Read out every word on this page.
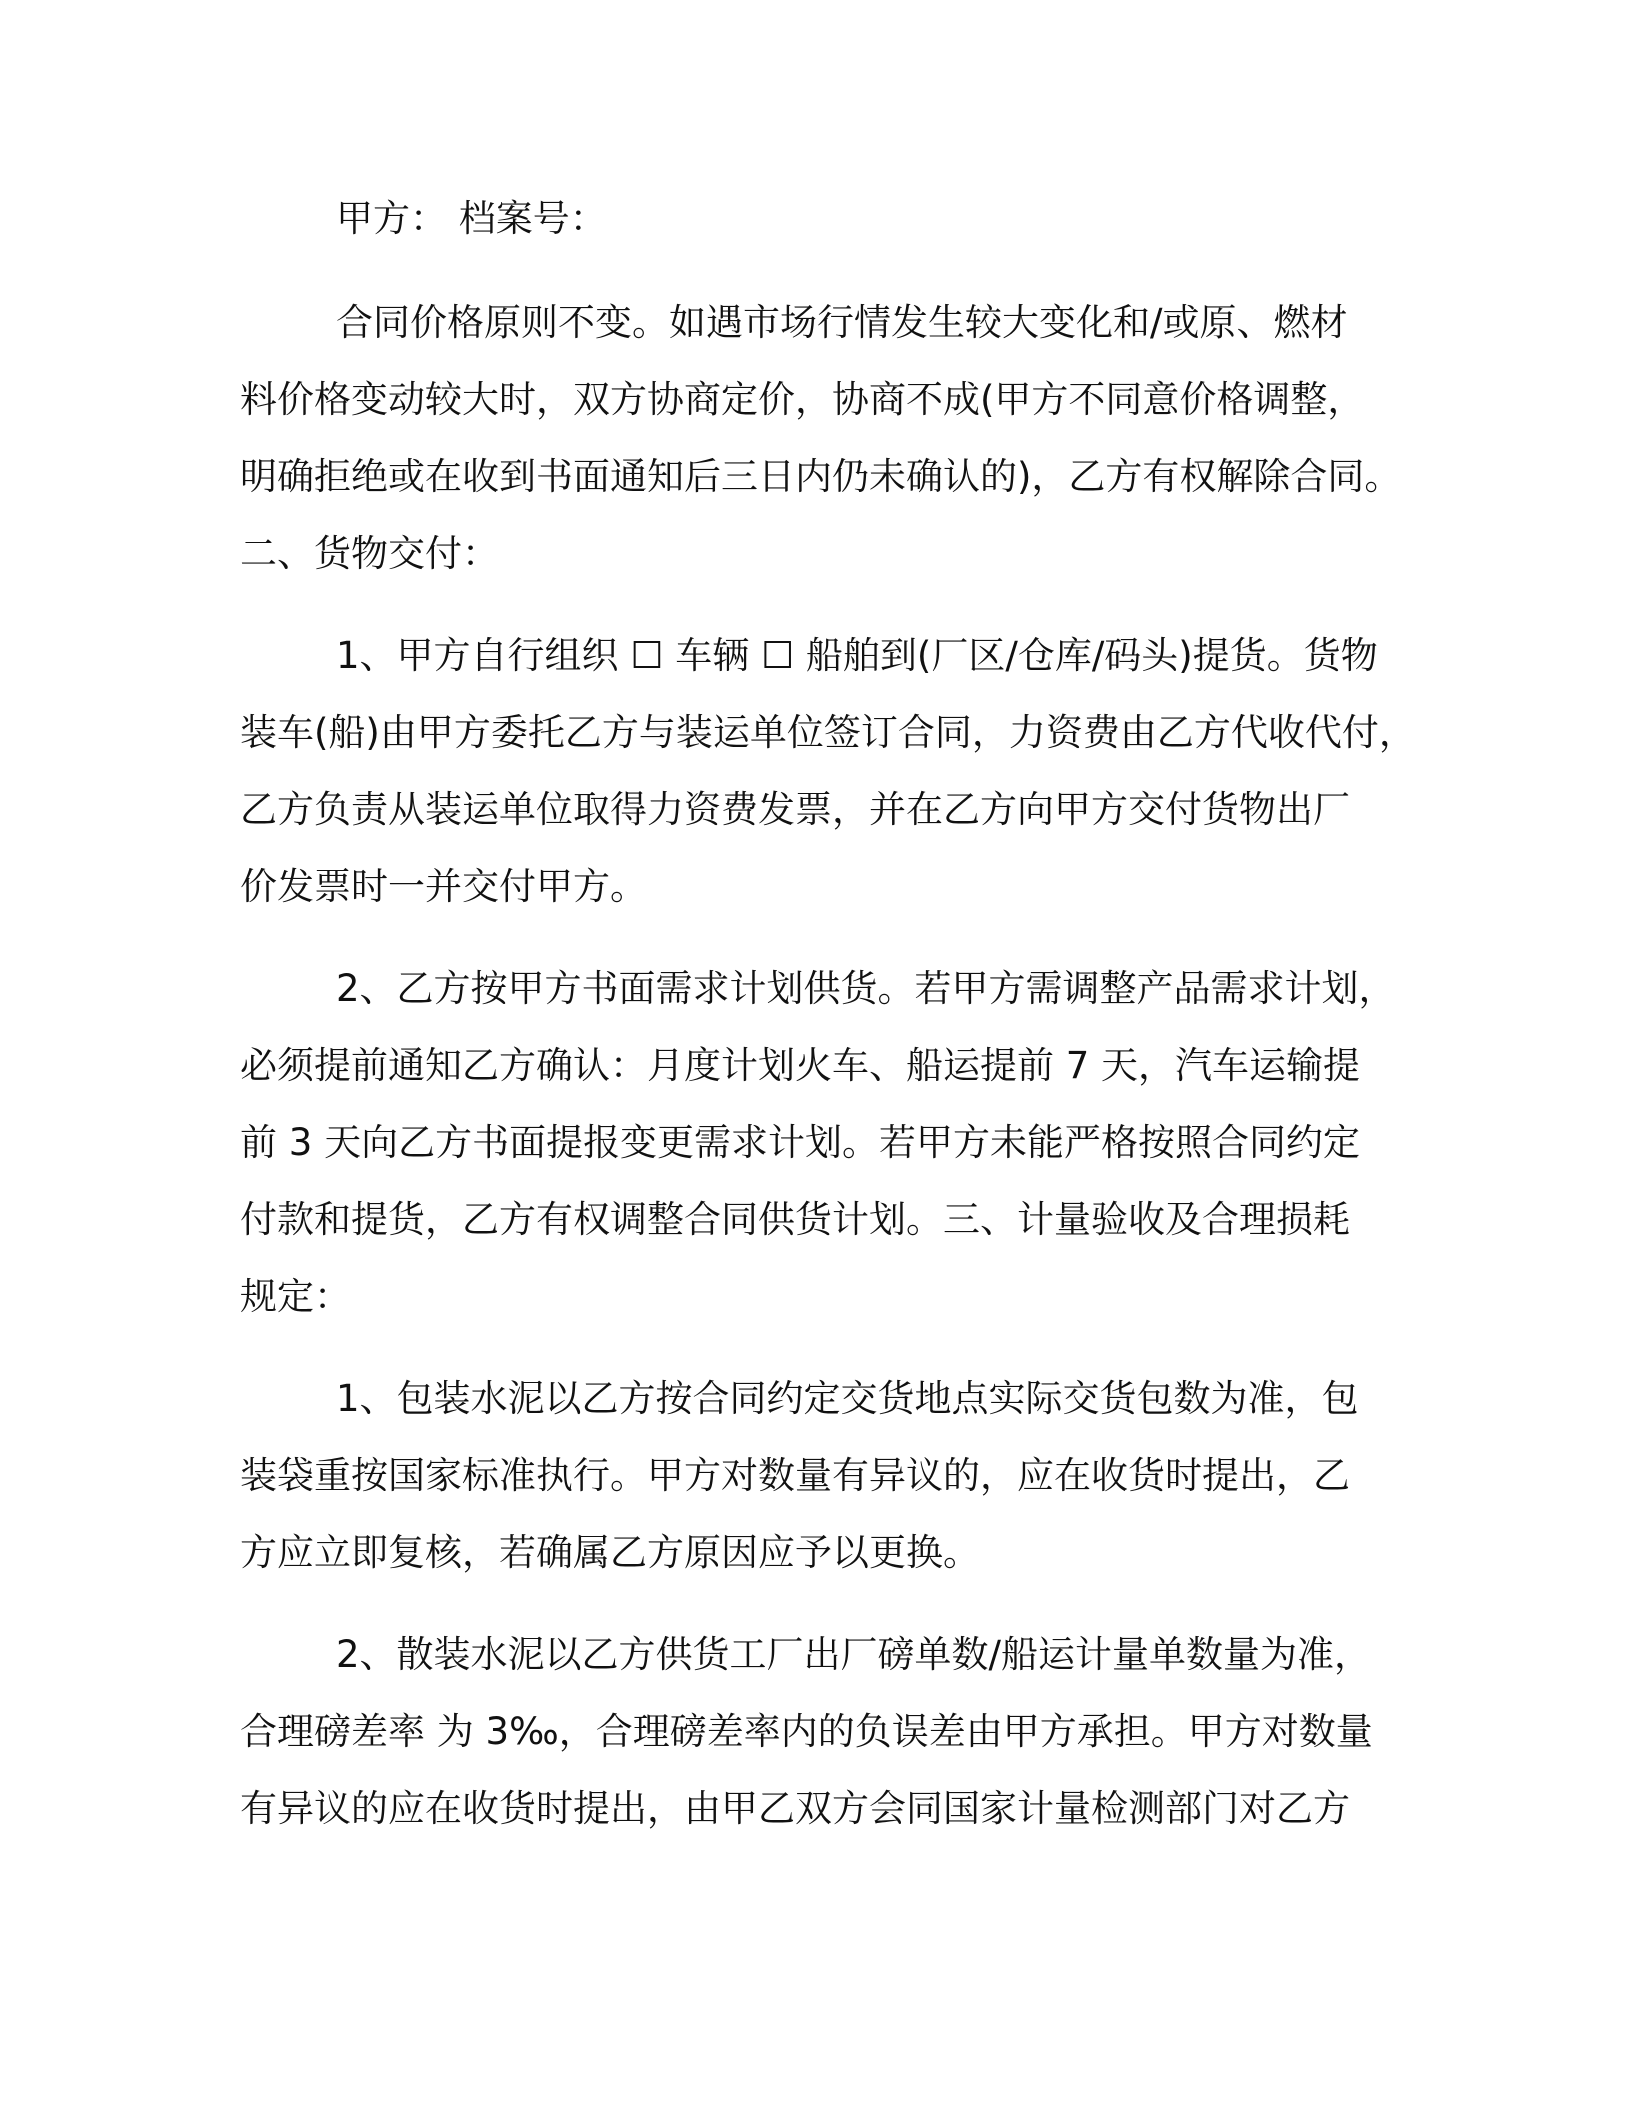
甲方： 档案号：
合同价格原则不变。如遇市场行情发生较大变化和/或原、燃材
料价格变动较大时，双方协商定价，协商不成(甲方不同意价格调整，
明确拒绝或在收到书面通知后三日内仍未确认的)，乙方有权解除合同。
二、货物交付：
1、甲方自行组织 ☐ 车辆 ☐ 船舶到(厂区/仓库/码头)提货。货物
装车(船)由甲方委托乙方与装运单位签订合同，力资费由乙方代收代付，
乙方负责从装运单位取得力资费发票，并在乙方向甲方交付货物出厂
价发票时一并交付甲方。
2、乙方按甲方书面需求计划供货。若甲方需调整产品需求计划，
必须提前通知乙方确认：月度计划火车、船运提前 7 天，汽车运输提
前 3 天向乙方书面提报变更需求计划。若甲方未能严格按照合同约定
付款和提货，乙方有权调整合同供货计划。三、计量验收及合理损耗
规定：
1、包装水泥以乙方按合同约定交货地点实际交货包数为准，包
装袋重按国家标准执行。甲方对数量有异议的，应在收货时提出，乙
方应立即复核，若确属乙方原因应予以更换。
2、散装水泥以乙方供货工厂出厂磅单数/船运计量单数量为准，
合理磅差率 为 3‰，合理磅差率内的负误差由甲方承担。甲方对数量
有异议的应在收货时提出，由甲乙双方会同国家计量检测部门对乙方
